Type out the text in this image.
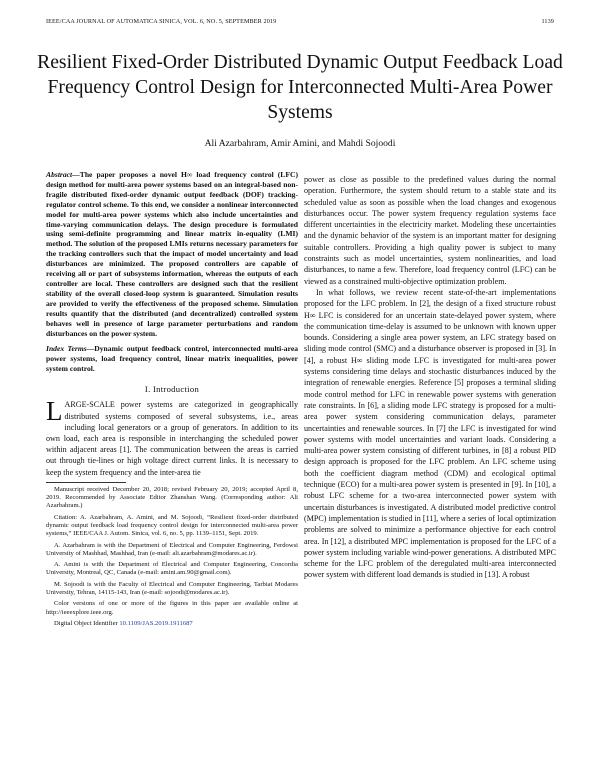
IEEE/CAA JOURNAL OF AUTOMATICA SINICA, VOL. 6, NO. 5, SEPTEMBER 2019	1139
Resilient Fixed-Order Distributed Dynamic Output Feedback Load Frequency Control Design for Interconnected Multi-Area Power Systems
Ali Azarbahram, Amir Amini, and Mahdi Sojoodi

Abstract—The paper proposes a novel H∞ load frequency control (LFC) design method for multi-area power systems based on an integral-based non-fragile distributed fixed-order dynamic output feedback (DOF) tracking-regulator control scheme. To this end, we consider a nonlinear interconnected model for multi-area power systems which also include uncertainties and time-varying communication delays. The design procedure is formulated using semi-definite programming and linear matrix in-equality (LMI) method. The solution of the proposed LMIs returns necessary parameters for the tracking controllers such that the impact of model uncertainty and load disturbances are minimized. The proposed controllers are capable of receiving all or part of subsystems information, whereas the outputs of each controller are local. These controllers are designed such that the resilient stability of the overall closed-loop system is guaranteed. Simulation results are provided to verify the effectiveness of the proposed scheme. Simulation results quantify that the distributed (and decentralized) controlled system behaves well in presence of large parameter perturbations and random disturbances on the power system.

Index Terms—Dynamic output feedback control, interconnected multi-area power systems, load frequency control, linear matrix inequalities, power system control.

I. Introduction

LARGE-SCALE power systems are categorized in geographically distributed systems composed of several subsystems, i.e., areas including local generators or a group of generators. In addition to its own load, each area is responsible in interchanging the scheduled power within adjacent areas [1]. The communication between the areas is carried out through tie-lines or high voltage direct current links. It is necessary to keep the system frequency and the inter-area tie

Manuscript received December 20, 2018; revised February 20, 2019; accepted April 8, 2019. Recommended by Associate Editor Zhanshan Wang. (Corresponding author: Ali Azarbahram.)

Citation: A. Azarbahram, A. Amini, and M. Sojoodi, “Resilient fixed-order distributed dynamic output feedback load frequency control design for interconnected multi-area power systems,” IEEE/CAA J. Autom. Sinica, vol. 6, no. 5, pp. 1139–1151, Sept. 2019.

A. Azarbahram is with the Department of Electrical and Computer Engineering, Ferdowsi University of Mashhad, Mashhad, Iran (e-mail: ali.azarbahram@modares.ac.ir).

A. Amini is with the Department of Electrical and Computer Engineering, Concordia University, Montreal, QC, Canada (e-mail: amini.am.90@gmail.com).

M. Sojoodi is with the Faculty of Electrical and Computer Engineering, Tarbiat Modares University, Tehran, 14115-143, Iran (e-mail: sojoodi@modares.ac.ir).

Color versions of one or more of the figures in this paper are available online at http://ieeexplore.ieee.org.

Digital Object Identifier 10.1109/JAS.2019.1911687

power as close as possible to the predefined values during the normal operation. Furthermore, the system should return to a stable state and its scheduled value as soon as possible when the load changes and exogenous disturbances occur. The power system frequency regulation systems face different uncertainties in the electricity market. Modeling these uncertainties and the dynamic behavior of the system is an important matter for designing suitable controllers. Providing a high quality power is subject to many constraints such as model uncertainties, system nonlinearities, and load disturbances, to name a few. Therefore, load frequency control (LFC) can be viewed as a constrained multi-objective optimization problem.

In what follows, we review recent state-of-the-art implementations proposed for the LFC problem. In [2], the design of a fixed structure robust H∞ LFC is considered for an uncertain state-delayed power system, where the communication time-delay is assumed to be unknown with known upper bounds. Considering a single area power system, an LFC strategy based on sliding mode control (SMC) and a disturbance observer is proposed in [3]. In [4], a robust H∞ sliding mode LFC is investigated for multi-area power systems considering time delays and stochastic disturbances induced by the integration of renewable energies. Reference [5] proposes a terminal sliding mode control method for LFC in renewable power systems with generation rate constraints. In [6], a sliding mode LFC strategy is proposed for a multi-area power system considering communication delays, parameter uncertainties and renewable sources. In [7] the LFC is investigated for wind power systems with model uncertainties and variant loads. Considering a multi-area power system consisting of different turbines, in [8] a robust PID design approach is proposed for the LFC problem. An LFC scheme using both the coefficient diagram method (CDM) and ecological optimal technique (ECO) for a multi-area power system is presented in [9]. In [10], a robust LFC scheme for a two-area interconnected power system with uncertain disturbances is investigated. A distributed model predictive control (MPC) implementation is studied in [11], where a series of local optimization problems are solved to minimize a performance objective for each control area. In [12], a distributed MPC implementation is proposed for the LFC of a power system including variable wind-power generations. A distributed MPC scheme for the LFC problem of the deregulated multi-area interconnected power system with different load demands is studied in [13]. A robust
